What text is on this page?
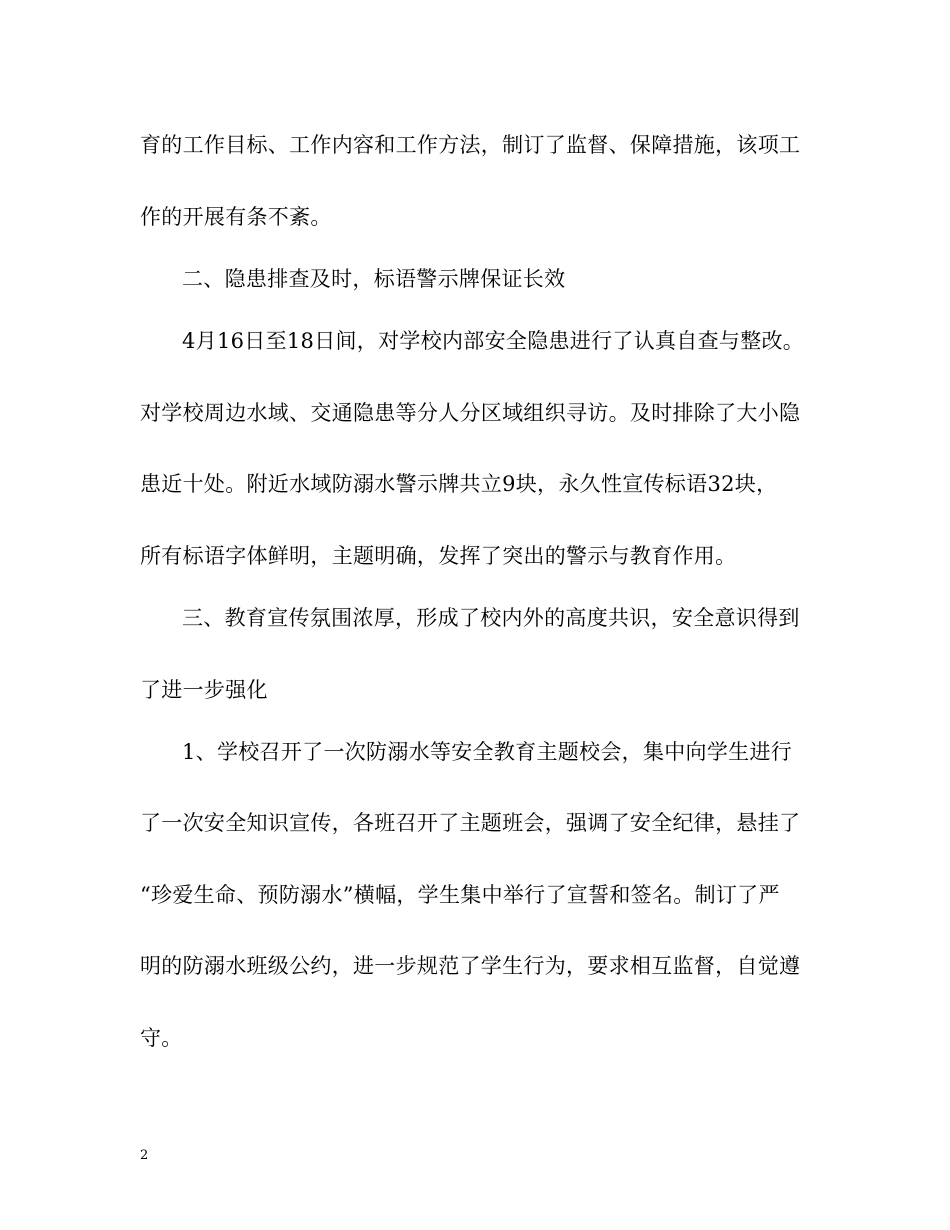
育的工作目标、工作内容和工作方法，制订了监督、保障措施，该项工
作的开展有条不紊。
二、隐患排查及时，标语警示牌保证长效
4月16日至18日间，对学校内部安全隐患进行了认真自查与整改。
对学校周边水域、交通隐患等分人分区域组织寻访。及时排除了大小隐
患近十处。附近水域防溺水警示牌共立9块，永久性宣传标语32块，
所有标语字体鲜明，主题明确，发挥了突出的警示与教育作用。
三、教育宣传氛围浓厚，形成了校内外的高度共识，安全意识得到
了进一步强化
1、学校召开了一次防溺水等安全教育主题校会，集中向学生进行
了一次安全知识宣传，各班召开了主题班会，强调了安全纪律，悬挂了
“珍爱生命、预防溺水”横幅，学生集中举行了宣誓和签名。制订了严
明的防溺水班级公约，进一步规范了学生行为，要求相互监督，自觉遵
守。
2
